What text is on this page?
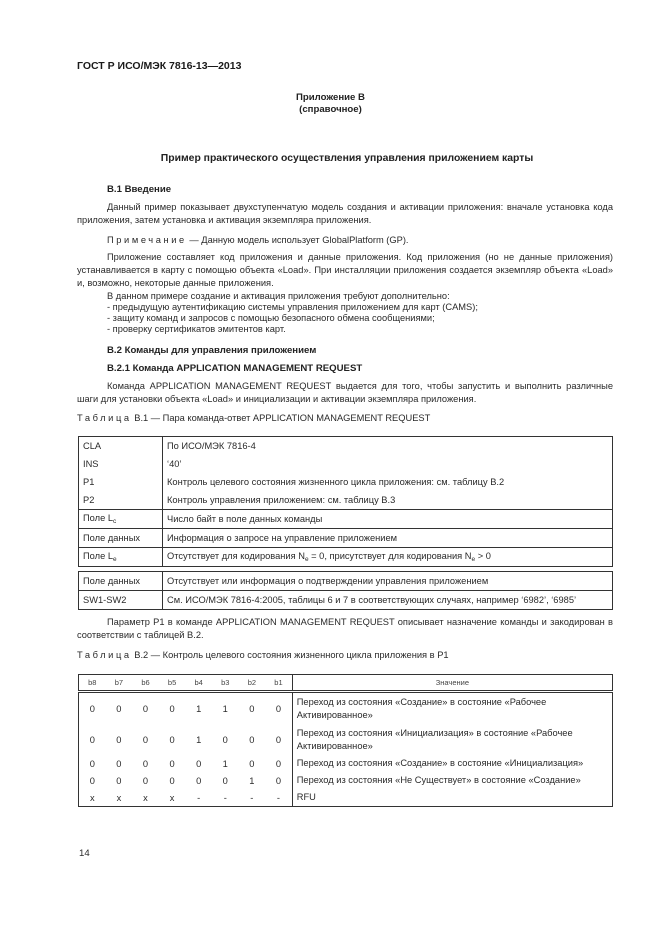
ГОСТ Р ИСО/МЭК 7816-13—2013
Приложение В
(справочное)
Пример практического осуществления управления приложением карты
В.1 Введение
Данный пример показывает двухступенчатую модель создания и активации приложения: вначале установка кода приложения, затем установка и активация экземпляра приложения.
Примечание — Данную модель использует GlobalPlatform (GP).
Приложение составляет код приложения и данные приложения. Код приложения (но не данные приложения) устанавливается в карту с помощью объекта «Load». При инсталляции приложения создается экземпляр объекта «Load» и, возможно, некоторые данные приложения.
В данном примере создание и активация приложения требуют дополнительно:
- предыдущую аутентификацию системы управления приложением для карт (CAMS);
- защиту команд и запросов с помощью безопасного обмена сообщениями;
- проверку сертификатов эмитентов карт.
В.2 Команды для управления приложением
В.2.1 Команда APPLICATION MANAGEMENT REQUEST
Команда APPLICATION MANAGEMENT REQUEST выдается для того, чтобы запустить и выполнить различные шаги для установки объекта «Load» и инициализации и активации экземпляра приложения.
Таблица В.1 — Пара команда-ответ APPLICATION MANAGEMENT REQUEST
CLA	По ИСО/МЭК 7816-4
INS	‘40’
P1	Контроль целевого состояния жизненного цикла приложения: см. таблицу В.2
P2	Контроль управления приложением: см. таблицу В.3
Поле $L_c$	Число байт в поле данных команды
Поле данных	Информация о запросе на управление приложением
Поле $L_e$	Отсутствует для кодирования $N_e = 0$, присутствует для кодирования $N_e > 0$
Поле данных	Отсутствует или информация о подтверждении управления приложением
SW1-SW2	См. ИСО/МЭК 7816-4:2005, таблицы 6 и 7 в соответствующих случаях, например ‘6982’, ‘6985’
Параметр Р1 в команде APPLICATION MANAGEMENT REQUEST описывает назначение команды и закодирован в соответствии с таблицей В.2.
Таблица В.2 — Контроль целевого состояния жизненного цикла приложения в Р1
b8	b7	b6	b5	b4	b3	b2	b1	Значение
0	0	0	0	1	1	0	0	Переход из состояния «Создание» в состояние «Рабочее Активированное»
0	0	0	0	1	0	0	0	Переход из состояния «Инициализация» в состояние «Рабочее Активированное»
0	0	0	0	0	1	0	0	Переход из состояния «Создание» в состояние «Инициализация»
0	0	0	0	0	0	1	0	Переход из состояния «Не Существует» в состояние «Создание»
x	x	x	x	-	-	-	-	RFU
14
